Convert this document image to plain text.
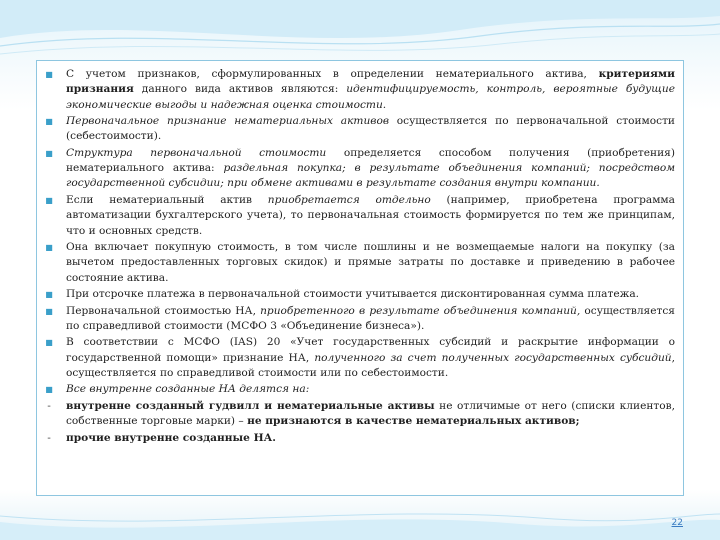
■ С учетом признаков, сформулированных в определении нематериального актива, критериями признания данного вида активов являются: идентифицируемость, контроль, вероятные будущие экономические выгоды и надежная оценка стоимости.
■ Первоначальное признание нематериальных активов осуществляется по первоначальной стоимости (себестоимости).
■ Структура первоначальной стоимости определяется способом получения (приобретения) нематериального актива: раздельная покупка; в результате объединения компаний; посредством государственной субсидии; при обмене активами в результате создания внутри компании.
■ Если нематериальный актив приобретается отдельно (например, приобретена программа автоматизации бухгалтерского учета), то первоначальная стоимость формируется по тем же принципам, что и основных средств.
■ Она включает покупную стоимость, в том числе пошлины и не возмещаемые налоги на покупку (за вычетом предоставленных торговых скидок) и прямые затраты по доставке и приведению в рабочее состояние актива.
■ При отсрочке платежа в первоначальной стоимости учитывается дисконтированная сумма платежа.
■ Первоначальной стоимостью НА, приобретенного в результате объединения компаний, осуществляется по справедливой стоимости (МСФО 3 «Объединение бизнеса»).
■ В соответствии с МСФО (IAS) 20 «Учет государственных субсидий и раскрытие информации о государственной помощи» признание НА, полученного за счет полученных государственных субсидий, осуществляется по справедливой стоимости или по себестоимости.
■ Все внутренне созданные НА делятся на:
- внутренне созданный гудвилл и нематериальные активы не отличимые от него (списки клиентов, собственные торговые марки) – не признаются в качестве нематериальных активов;
- прочие внутренне созданные НА.
22
